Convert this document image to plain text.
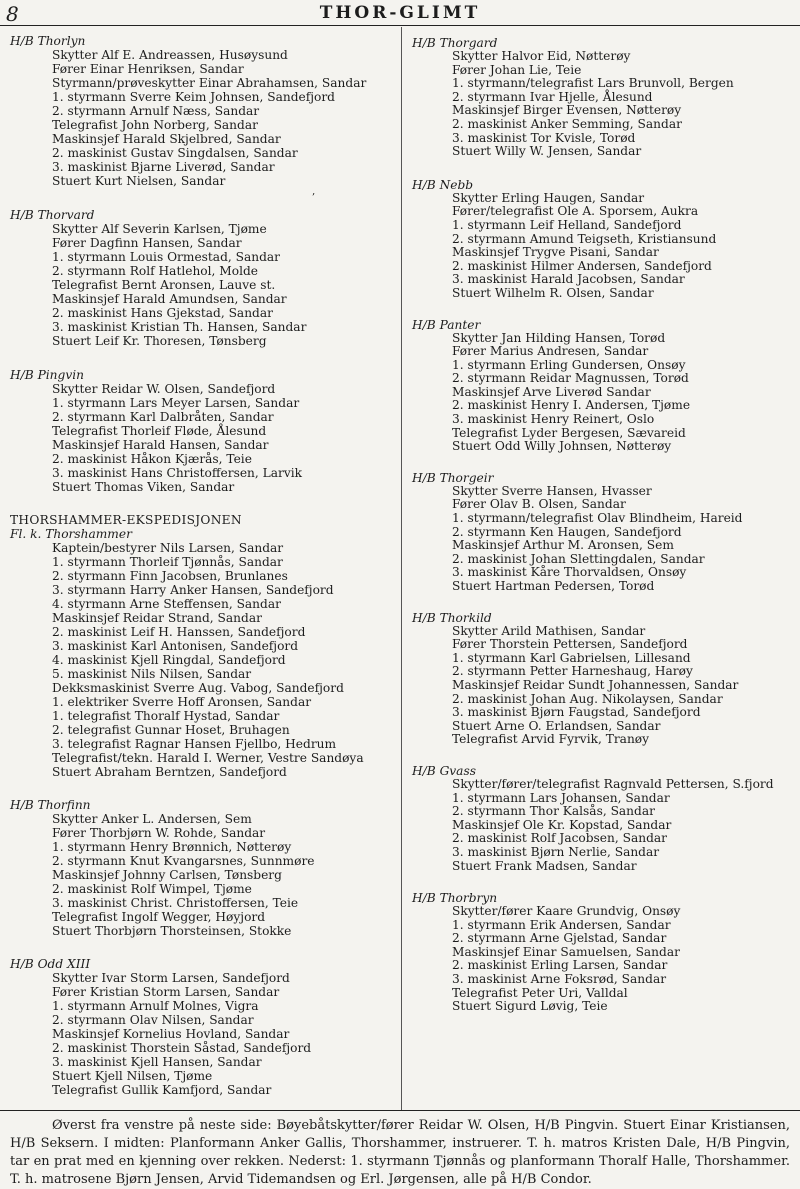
8	THOR-GLIMT
‚
H/B Thorlyn
Skytter Alf E. Andreassen, Husøysund
Fører Einar Henriksen, Sandar
Styrmann/prøveskytter Einar Abrahamsen, Sandar
1. styrmann Sverre Keim Johnsen, Sandefjord
2. styrmann Arnulf Næss, Sandar
Telegrafist John Norberg, Sandar
Maskinsjef Harald Skjelbred, Sandar
2. maskinist Gustav Singdalsen, Sandar
3. maskinist Bjarne Liverød, Sandar
Stuert Kurt Nielsen, Sandar
H/B Thorvard
Skytter Alf Severin Karlsen, Tjøme
Fører Dagfinn Hansen, Sandar
1. styrmann Louis Ormestad, Sandar
2. styrmann Rolf Hatlehol, Molde
Telegrafist Bernt Aronsen, Lauve st.
Maskinsjef Harald Amundsen, Sandar
2. maskinist Hans Gjekstad, Sandar
3. maskinist Kristian Th. Hansen, Sandar
Stuert Leif Kr. Thoresen, Tønsberg
H/B Pingvin
Skytter Reidar W. Olsen, Sandefjord
1. styrmann Lars Meyer Larsen, Sandar
2. styrmann Karl Dalbråten, Sandar
Telegrafist Thorleif Fløde, Ålesund
Maskinsjef Harald Hansen, Sandar
2. maskinist Håkon Kjærås, Teie
3. maskinist Hans Christoffersen, Larvik
Stuert Thomas Viken, Sandar
THORSHAMMER-EKSPEDISJONEN
Fl. k. Thorshammer
Kaptein/bestyrer Nils Larsen, Sandar
1. styrmann Thorleif Tjønnås, Sandar
2. styrmann Finn Jacobsen, Brunlanes
3. styrmann Harry Anker Hansen, Sandefjord
4. styrmann Arne Steffensen, Sandar
Maskinsjef Reidar Strand, Sandar
2. maskinist Leif H. Hanssen, Sandefjord
3. maskinist Karl Antonisen, Sandefjord
4. maskinist Kjell Ringdal, Sandefjord
5. maskinist Nils Nilsen, Sandar
Dekksmaskinist Sverre Aug. Vabog, Sandefjord
1. elektriker Sverre Hoff Aronsen, Sandar
1. telegrafist Thoralf Hystad, Sandar
2. telegrafist Gunnar Hoset, Bruhagen
3. telegrafist Ragnar Hansen Fjellbo, Hedrum
Telegrafist/tekn. Harald I. Werner, Vestre Sandøya
Stuert Abraham Berntzen, Sandefjord
H/B Thorfinn
Skytter Anker L. Andersen, Sem
Fører Thorbjørn W. Rohde, Sandar
1. styrmann Henry Brønnich, Nøtterøy
2. styrmann Knut Kvangarsnes, Sunnmøre
Maskinsjef Johnny Carlsen, Tønsberg
2. maskinist Rolf Wimpel, Tjøme
3. maskinist Christ. Christoffersen, Teie
Telegrafist Ingolf Wegger, Høyjord
Stuert Thorbjørn Thorsteinsen, Stokke
H/B Odd XIII
Skytter Ivar Storm Larsen, Sandefjord
Fører Kristian Storm Larsen, Sandar
1. styrmann Arnulf Molnes, Vigra
2. styrmann Olav Nilsen, Sandar
Maskinsjef Kornelius Hovland, Sandar
2. maskinist Thorstein Såstad, Sandefjord
3. maskinist Kjell Hansen, Sandar
Stuert Kjell Nilsen, Tjøme
Telegrafist Gullik Kamfjord, Sandar
H/B Thorgard
Skytter Halvor Eid, Nøtterøy
Fører Johan Lie, Teie
1. styrmann/telegrafist Lars Brunvoll, Bergen
2. styrmann Ivar Hjelle, Ålesund
Maskinsjef Birger Evensen, Nøtterøy
2. maskinist Anker Semming, Sandar
3. maskinist Tor Kvisle, Torød
Stuert Willy W. Jensen, Sandar
H/B Nebb
Skytter Erling Haugen, Sandar
Fører/telegrafist Ole A. Sporsem, Aukra
1. styrmann Leif Helland, Sandefjord
2. styrmann Amund Teigseth, Kristiansund
Maskinsjef Trygve Pisani, Sandar
2. maskinist Hilmer Andersen, Sandefjord
3. maskinist Harald Jacobsen, Sandar
Stuert Wilhelm R. Olsen, Sandar
H/B Panter
Skytter Jan Hilding Hansen, Torød
Fører Marius Andresen, Sandar
1. styrmann Erling Gundersen, Onsøy
2. styrmann Reidar Magnussen, Torød
Maskinsjef Arve Liverød Sandar
2. maskinist Henry I. Andersen, Tjøme
3. maskinist Henry Reinert, Oslo
Telegrafist Lyder Bergesen, Sævareid
Stuert Odd Willy Johnsen, Nøtterøy
H/B Thorgeir
Skytter Sverre Hansen, Hvasser
Fører Olav B. Olsen, Sandar
1. styrmann/telegrafist Olav Blindheim, Hareid
2. styrmann Ken Haugen, Sandefjord
Maskinsjef Arthur M. Aronsen, Sem
2. maskinist Johan Slettingdalen, Sandar
3. maskinist Kåre Thorvaldsen, Onsøy
Stuert Hartman Pedersen, Torød
H/B Thorkild
Skytter Arild Mathisen, Sandar
Fører Thorstein Pettersen, Sandefjord
1. styrmann Karl Gabrielsen, Lillesand
2. styrmann Petter Harneshaug, Harøy
Maskinsjef Reidar Sundt Johannessen, Sandar
2. maskinist Johan Aug. Nikolaysen, Sandar
3. maskinist Bjørn Faugstad, Sandefjord
Stuert Arne O. Erlandsen, Sandar
Telegrafist Arvid Fyrvik, Tranøy
H/B Gvass
Skytter/fører/telegrafist Ragnvald Pettersen, S.fjord
1. styrmann Lars Johansen, Sandar
2. styrmann Thor Kalsås, Sandar
Maskinsjef Ole Kr. Kopstad, Sandar
2. maskinist Rolf Jacobsen, Sandar
3. maskinist Bjørn Nerlie, Sandar
Stuert Frank Madsen, Sandar
H/B Thorbryn
Skytter/fører Kaare Grundvig, Onsøy
1. styrmann Erik Andersen, Sandar
2. styrmann Arne Gjelstad, Sandar
Maskinsjef Einar Samuelsen, Sandar
2. maskinist Erling Larsen, Sandar
3. maskinist Arne Foksrød, Sandar
Telegrafist Peter Uri, Valldal
Stuert Sigurd Løvig, Teie

Øverst fra venstre på neste side: Bøyebåtskytter/fører Reidar W. Olsen, H/B Pingvin. Stuert Einar Kristiansen, H/B Seksern. I midten: Planformann Anker Gallis, Thorshammer, instruerer. T. h. matros Kristen Dale, H/B Pingvin, tar en prat med en kjenning over rekken. Nederst: 1. styrmann Tjønnås og planformann Thoralf Halle, Thorshammer. T. h. matrosene Bjørn Jensen, Arvid Tidemandsen og Erl. Jørgensen, alle på H/B Condor.
